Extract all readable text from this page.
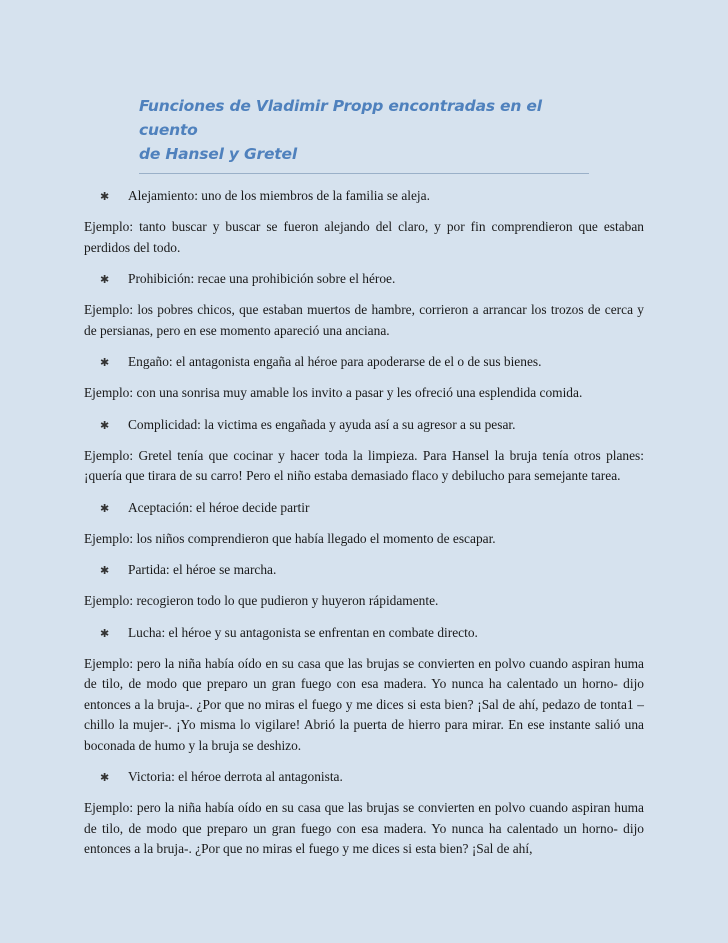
Funciones de Vladimir Propp encontradas en el cuento

de Hansel y Gretel

✱	Alejamiento: uno de los miembros de la familia se aleja.

Ejemplo: tanto buscar y buscar se fueron alejando del claro, y por fin comprendieron que estaban perdidos del todo.

✱	Prohibición: recae una prohibición sobre el héroe.

Ejemplo: los pobres chicos, que estaban muertos de hambre, corrieron a arrancar los trozos de cerca y de persianas, pero en ese momento apareció una anciana.

✱	Engaño: el antagonista engaña al héroe para apoderarse de el o de sus bienes.

Ejemplo: con una sonrisa muy amable los invito a pasar y les ofreció una esplendida comida.

✱	Complicidad: la victima es engañada y ayuda así a su agresor a su pesar.

Ejemplo: Gretel tenía que cocinar y hacer toda la limpieza. Para Hansel la bruja tenía otros planes: ¡quería que tirara de su carro! Pero el niño estaba demasiado flaco y debilucho para semejante tarea.

✱	Aceptación: el héroe decide partir

Ejemplo: los niños comprendieron que había llegado el momento de escapar.

✱	Partida: el héroe se marcha.

Ejemplo: recogieron todo lo que pudieron y huyeron rápidamente.

✱	Lucha: el héroe y su antagonista se enfrentan en combate directo.

Ejemplo: pero la niña había oído en su casa que las brujas se convierten en polvo cuando aspiran huma de tilo, de modo que preparo un gran fuego con esa madera. Yo nunca ha calentado un horno- dijo entonces a la bruja-. ¿Por que no miras el fuego y me dices si esta bien? ¡Sal de ahí, pedazo de tonta1 –chillo la mujer-. ¡Yo misma lo vigilare! Abrió la puerta de hierro para mirar. En ese instante salió una boconada de humo y la bruja se deshizo.

✱	Victoria: el héroe derrota al antagonista.

Ejemplo: pero la niña había oído en su casa que las brujas se convierten en polvo cuando aspiran huma de tilo, de modo que preparo un gran fuego con esa madera. Yo nunca ha calentado un horno- dijo entonces a la bruja-. ¿Por que no miras el fuego y me dices si esta bien? ¡Sal de ahí,
